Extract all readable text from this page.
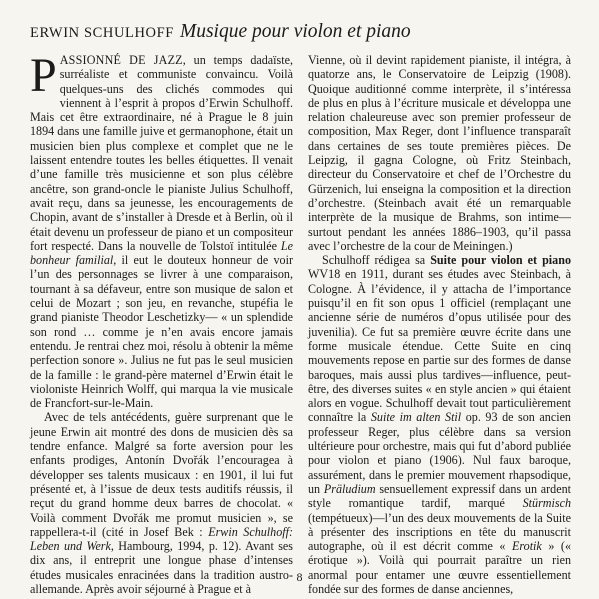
ERWIN SCHULHOFF Musique pour violon et piano

PASSIONNÉ DE JAZZ, un temps dadaïste, surréaliste et communiste convaincu. Voilà quelques-uns des clichés commodes qui viennent à l’esprit à propos d’Erwin Schulhoff. Mais cet être extraordinaire, né à Prague le 8 juin 1894 dans une famille juive et germanophone, était un musicien bien plus complexe et complet que ne le laissent entendre toutes les belles étiquettes. Il venait d’une famille très musicienne et son plus célèbre ancêtre, son grand-oncle le pianiste Julius Schulhoff, avait reçu, dans sa jeunesse, les encouragements de Chopin, avant de s’installer à Dresde et à Berlin, où il était devenu un professeur de piano et un compositeur fort respecté. Dans la nouvelle de Tolstoï intitulée Le bonheur familial, il eut le douteux honneur de voir l’un des personnages se livrer à une comparaison, tournant à sa défaveur, entre son musique de salon et celui de Mozart ; son jeu, en revanche, stupéfia le grand pianiste Theodor Leschetizky— « un splendide son rond … comme je n’en avais encore jamais entendu. Je rentrai chez moi, résolu à obtenir la même perfection sonore ». Julius ne fut pas le seul musicien de la famille : le grand-père maternel d’Erwin était le violoniste Heinrich Wolff, qui marqua la vie musicale de Francfort-sur-le-Main.

Avec de tels antécédents, guère surprenant que le jeune Erwin ait montré des dons de musicien dès sa tendre enfance. Malgré sa forte aversion pour les enfants prodiges, Antonín Dvořák l’encouragea à développer ses talents musicaux : en 1901, il lui fut présenté et, à l’issue de deux tests auditifs réussis, il reçut du grand homme deux barres de chocolat. « Voilà comment Dvořák me promut musicien », se rappellera-t-il (cité in Josef Bek : Erwin Schulhoff: Leben und Werk, Hambourg, 1994, p. 12). Avant ses dix ans, il entreprit une longue phase d’intenses études musicales enracinées dans la tradition austro-allemande. Après avoir séjourné à Prague et à

Vienne, où il devint rapidement pianiste, il intégra, à quatorze ans, le Conservatoire de Leipzig (1908). Quoique auditionné comme interprète, il s’intéressa de plus en plus à l’écriture musicale et développa une relation chaleureuse avec son premier professeur de composition, Max Reger, dont l’influence transparaît dans certaines de ses toute premières pièces. De Leipzig, il gagna Cologne, où Fritz Steinbach, directeur du Conservatoire et chef de l’Orchestre du Gürzenich, lui enseigna la composition et la direction d’orchestre. (Steinbach avait été un remarquable interprète de la musique de Brahms, son intime—surtout pendant les années 1886–1903, qu’il passa avec l’orchestre de la cour de Meiningen.)

Schulhoff rédigea sa Suite pour violon et piano WV18 en 1911, durant ses études avec Steinbach, à Cologne. À l’évidence, il y attacha de l’importance puisqu’il en fit son opus 1 officiel (remplaçant une ancienne série de numéros d’opus utilisée pour des juvenilia). Ce fut sa première œuvre écrite dans une forme musicale étendue. Cette Suite en cinq mouvements repose en partie sur des formes de danse baroques, mais aussi plus tardives—influence, peut-être, des diverses suites « en style ancien » qui étaient alors en vogue. Schulhoff devait tout particulièrement connaître la Suite im alten Stil op. 93 de son ancien professeur Reger, plus célèbre dans sa version ultérieure pour orchestre, mais qui fut d’abord publiée pour violon et piano (1906). Nul faux baroque, assurément, dans le premier mouvement rhapsodique, un Präludium sensuellement expressif dans un ardent style romantique tardif, marqué Stürmisch (tempétueux)—l’un des deux mouvements de la Suite à présenter des inscriptions en tête du manuscrit autographe, où il est décrit comme « Erotik » (« érotique »). Voilà qui pourrait paraître un rien anormal pour entamer une œuvre essentiellement fondée sur des formes de danse anciennes,

8
